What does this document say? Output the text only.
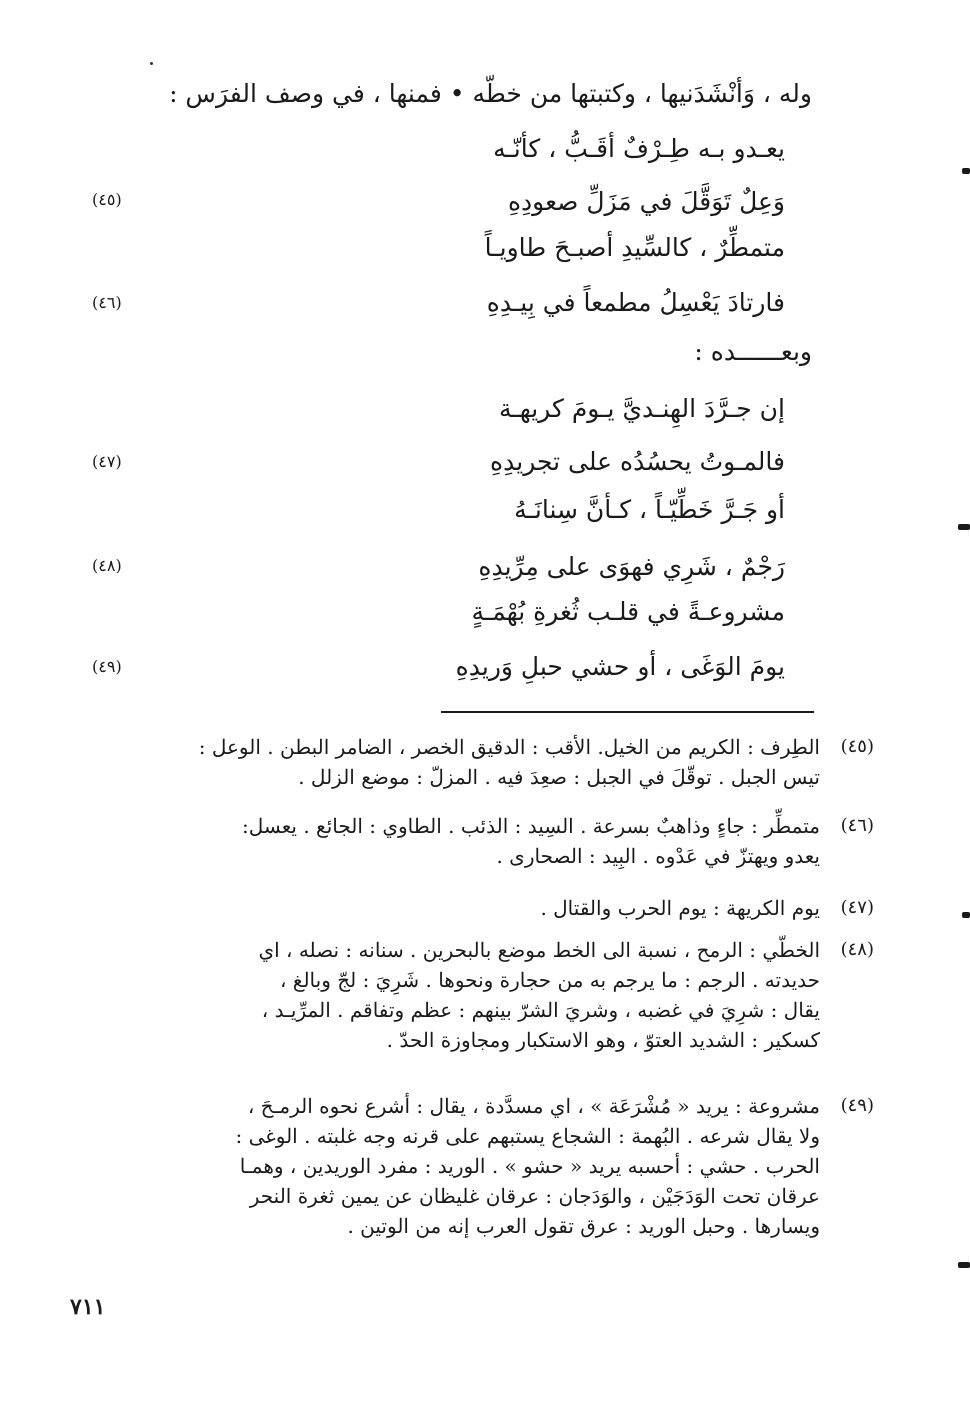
وله ، وَأنْشَدَنيها ، وكتبتها من خطّه • فمنها ، في وصف الفرَس :
يعـدو بـه طِـرْفٌ أقَـبُّ ، كأنّـه
وَعِلٌ تَوَقَّلَ في مَزَلِّ صعودِهِ
(٤٥)
متمطِّرٌ ، كالسِّيدِ أصبـحَ طاويـاً
فارتادَ يَعْسِلُ مطمعاً في بِيـدِهِ
(٤٦)
وبعــــــده :
إن جـرَّدَ الهِنـديَّ يـومَ كريهـة
فالمـوتُ يحسُدُه على تجريدِهِ
(٤٧)
أو جَـرَّ خَطِّيّـاً ، كـأنَّ سِنانَـهُ
رَجْمٌ ، شَرِي فهوَى على مِرِّيدِهِ
(٤٨)
مشروعـةً في قلـب ثُغرةِ بُهْمَـةٍ
يومَ الوَغَى ، أو حشي حبلِ وَريدِهِ
(٤٩)
(٤٥)
الطِرف : الكريم من الخيل. الأقب : الدقيق الخصر ، الضامر البطن . الوعل :
تيس الجبل . توقّلَ في الجبل : صعِدَ فيه . المزلّ : موضع الزلل .
(٤٦)
متمطِّر : جاءٍ وذاهبٌ بسرعة . السِيد : الذئب . الطاوي : الجائع . يعسل:
يعدو ويهتزّ في عَدْوه . البِيد : الصحارى .
(٤٧)
يوم الكريهة : يوم الحرب والقتال .
(٤٨)
الخطّي : الرمح ، نسبة الى الخط موضع بالبحرين . سنانه : نصله ، اي
حديدته . الرجم : ما يرجم به من حجارة ونحوها . شَرِيَ : لجّ وبالغ ،
يقال : شرِيَ في غضبه ، وشريَ الشرّ بينهم : عظم وتفاقم . المرِّيـد ،
كسكير : الشديد العتوّ ، وهو الاستكبار ومجاوزة الحدّ .
(٤٩)
مشروعة : يريد « مُشْرَعَة » ، اي مسدَّدة ، يقال : أشرع نحوه الرمـحَ ،
ولا يقال شرعه . البُهمة : الشجاع يستبهم على قرنه وجه غلبته . الوغى :
الحرب . حشي : أحسبه يريد « حشو » . الوريد : مفرد الوريدين ، وهمـا
عرقان تحت الوَدَجَيْن ، والوَدَجان : عرقان غليظان عن يمين ثغرة النحر
ويسارها . وحبل الوريد : عرق تقول العرب إنه من الوتين .
٧١١
